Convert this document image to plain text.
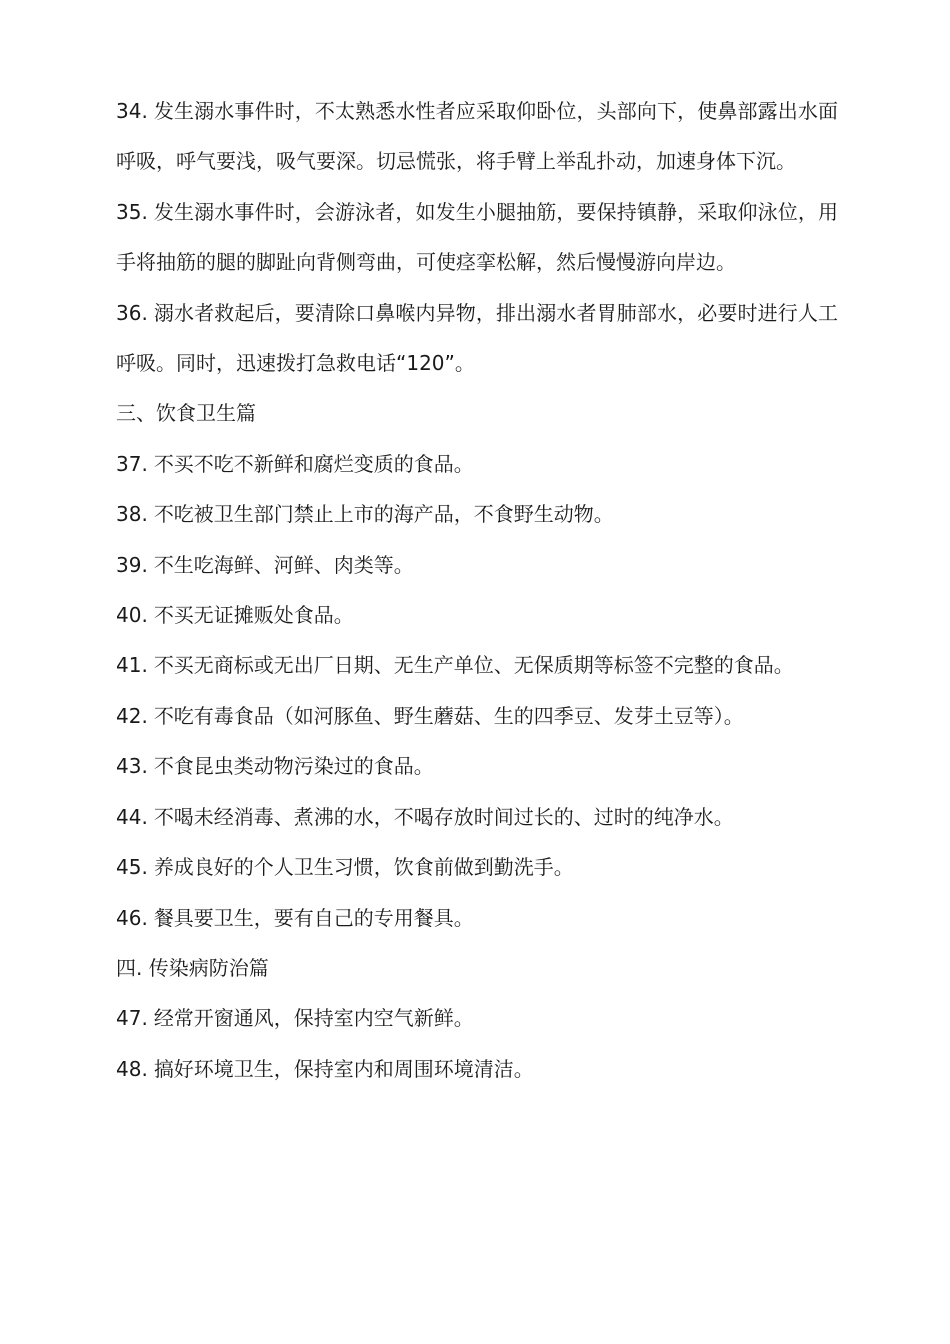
34. 发生溺水事件时，不太熟悉水性者应采取仰卧位，头部向下，使鼻部露出水面呼吸，呼气要浅，吸气要深。切忌慌张，将手臂上举乱扑动，加速身体下沉。

35. 发生溺水事件时，会游泳者，如发生小腿抽筋，要保持镇静，采取仰泳位，用手将抽筋的腿的脚趾向背侧弯曲，可使痉挛松解，然后慢慢游向岸边。

36. 溺水者救起后，要清除口鼻喉内异物，排出溺水者胃肺部水，必要时进行人工呼吸。同时，迅速拨打急救电话“120”。

三、饮食卫生篇

37. 不买不吃不新鲜和腐烂变质的食品。

38. 不吃被卫生部门禁止上市的海产品，不食野生动物。

39. 不生吃海鲜、河鲜、肉类等。

40. 不买无证摊贩处食品。

41. 不买无商标或无出厂日期、无生产单位、无保质期等标签不完整的食品。

42. 不吃有毒食品（如河豚鱼、野生蘑菇、生的四季豆、发芽土豆等）。

43. 不食昆虫类动物污染过的食品。

44. 不喝未经消毒、煮沸的水，不喝存放时间过长的、过时的纯净水。

45. 养成良好的个人卫生习惯，饮食前做到勤洗手。

46. 餐具要卫生，要有自己的专用餐具。

四. 传染病防治篇

47. 经常开窗通风，保持室内空气新鲜。

48. 搞好环境卫生，保持室内和周围环境清洁。
